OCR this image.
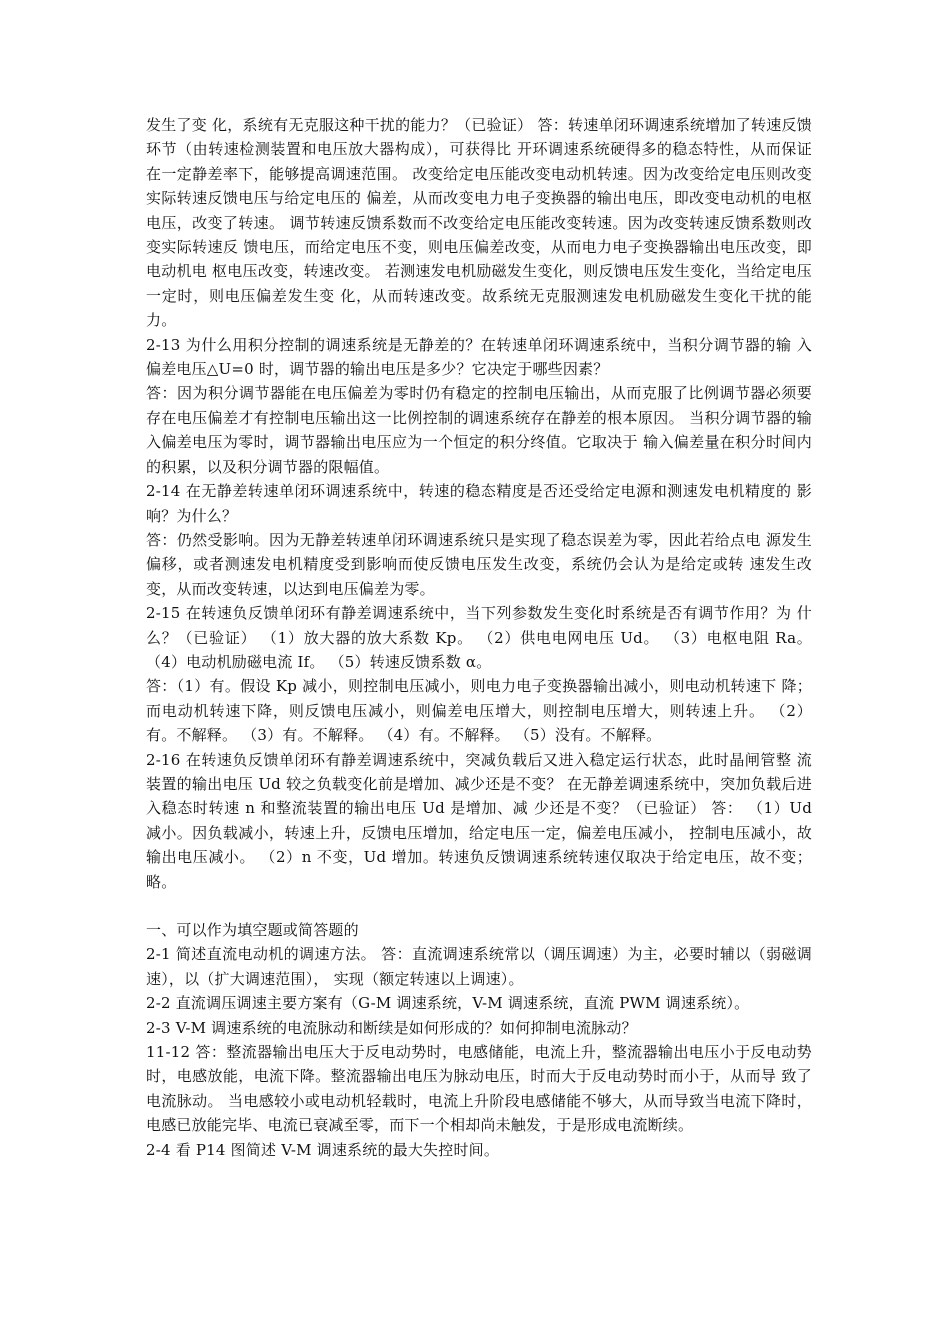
发生了变 化，系统有无克服这种干扰的能力？（已验证） 答：转速单闭环调速系统增加了转速反馈环节（由转速检测装置和电压放大器构成），可获得比 开环调速系统硬得多的稳态特性，从而保证在一定静差率下，能够提高调速范围。 改变给定电压能改变电动机转速。因为改变给定电压则改变实际转速反馈电压与给定电压的 偏差，从而改变电力电子变换器的输出电压，即改变电动机的电枢电压，改变了转速。 调节转速反馈系数而不改变给定电压能改变转速。因为改变转速反馈系数则改变实际转速反 馈电压，而给定电压不变，则电压偏差改变，从而电力电子变换器输出电压改变，即电动机电 枢电压改变，转速改变。 若测速发电机励磁发生变化，则反馈电压发生变化，当给定电压一定时，则电压偏差发生变 化，从而转速改变。故系统无克服测速发电机励磁发生变化干扰的能力。

2-13 为什么用积分控制的调速系统是无静差的？在转速单闭环调速系统中，当积分调节器的输 入偏差电压△U=0 时，调节器的输出电压是多少？它决定于哪些因素？

答：因为积分调节器能在电压偏差为零时仍有稳定的控制电压输出，从而克服了比例调节器必须要存在电压偏差才有控制电压输出这一比例控制的调速系统存在静差的根本原因。 当积分调节器的输入偏差电压为零时，调节器输出电压应为一个恒定的积分终值。它取决于 输入偏差量在积分时间内的积累，以及积分调节器的限幅值。

2-14 在无静差转速单闭环调速系统中，转速的稳态精度是否还受给定电源和测速发电机精度的 影响？为什么？

答：仍然受影响。因为无静差转速单闭环调速系统只是实现了稳态误差为零，因此若给点电 源发生偏移，或者测速发电机精度受到影响而使反馈电压发生改变，系统仍会认为是给定或转 速发生改变，从而改变转速，以达到电压偏差为零。

2-15 在转速负反馈单闭环有静差调速系统中，当下列参数发生变化时系统是否有调节作用？为 什么？（已验证） （1）放大器的放大系数 Kp。 （2）供电电网电压 Ud。 （3）电枢电阻 Ra。 （4）电动机励磁电流 If。 （5）转速反馈系数 α。

答：（1）有。假设 Kp 减小，则控制电压减小，则电力电子变换器输出减小，则电动机转速下 降；而电动机转速下降，则反馈电压减小，则偏差电压增大，则控制电压增大，则转速上升。 （2）有。不解释。 （3）有。不解释。 （4）有。不解释。 （5）没有。不解释。

2-16 在转速负反馈单闭环有静差调速系统中，突减负载后又进入稳定运行状态，此时晶闸管整 流装置的输出电压 Ud 较之负载变化前是增加、减少还是不变？ 在无静差调速系统中，突加负载后进入稳态时转速 n 和整流装置的输出电压 Ud 是增加、减 少还是不变？（已验证） 答： （1）Ud 减小。因负载减小，转速上升，反馈电压增加，给定电压一定，偏差电压减小， 控制电压减小，故输出电压减小。 （2）n 不变，Ud 增加。转速负反馈调速系统转速仅取决于给定电压，故不变；略。

一、可以作为填空题或简答题的

2-1 简述直流电动机的调速方法。 答：直流调速系统常以（调压调速）为主，必要时辅以（弱磁调速），以（扩大调速范围）， 实现（额定转速以上调速）。

2-2 直流调压调速主要方案有（G-M 调速系统，V-M 调速系统，直流 PWM 调速系统）。

2-3 V-M 调速系统的电流脉动和断续是如何形成的？如何抑制电流脉动？

11-12 答：整流器输出电压大于反电动势时，电感储能，电流上升，整流器输出电压小于反电动势 时，电感放能，电流下降。整流器输出电压为脉动电压，时而大于反电动势时而小于，从而导 致了电流脉动。 当电感较小或电动机轻载时，电流上升阶段电感储能不够大，从而导致当电流下降时， 电感已放能完毕、电流已衰减至零，而下一个相却尚未触发，于是形成电流断续。

2-4 看 P14 图简述 V-M 调速系统的最大失控时间。
